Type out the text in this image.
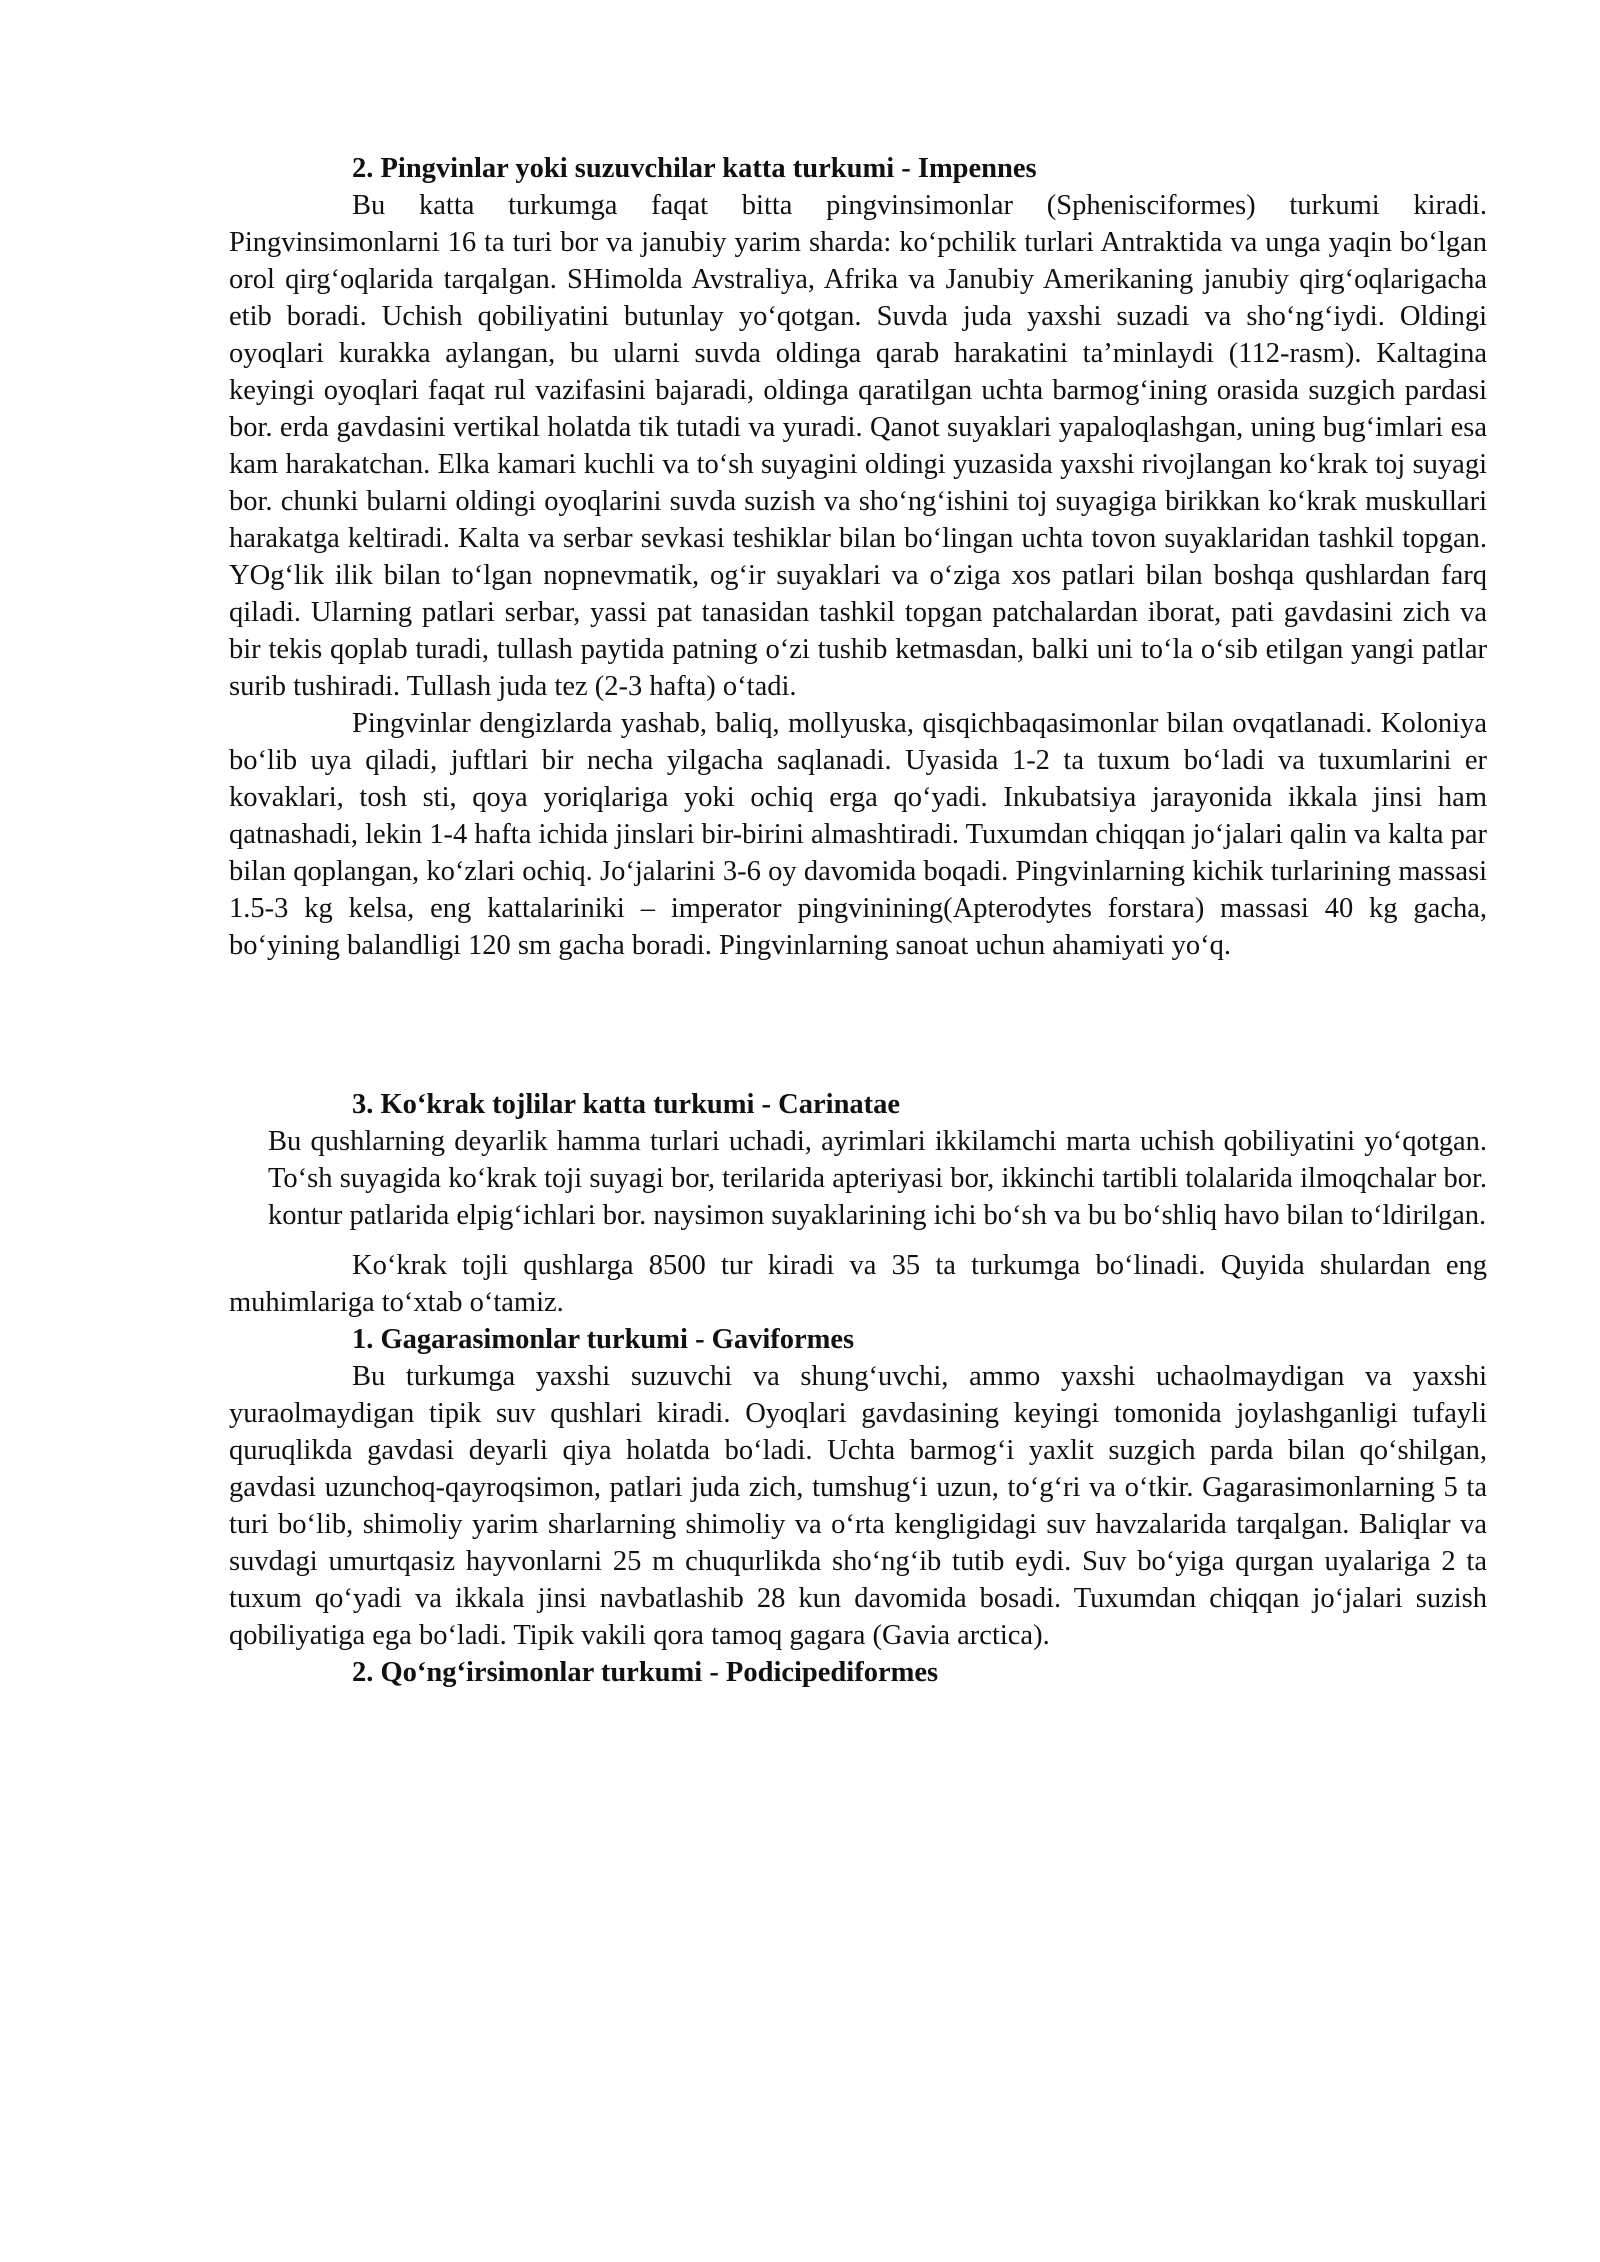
2. Pingvinlar yoki suzuvchilar katta turkumi - Impennes

Bu katta turkumga faqat bitta pingvinsimonlar (Sphenisciformes) turkumi kiradi. Pingvinsimonlarni 16 ta turi bor va janubiy yarim sharda: ko‘pchilik turlari Antraktida va unga yaqin bo‘lgan orol qirg‘oqlarida tarqalgan. SHimolda Avstraliya, Afrika va Janubiy Amerikaning janubiy qirg‘oqlarigacha etib boradi. Uchish qobiliyatini butunlay yo‘qotgan. Suvda juda yaxshi suzadi va sho‘ng‘iydi. Oldingi oyoqlari kurakka aylangan, bu ularni suvda oldinga qarab harakatini ta’minlaydi (112-rasm). Kaltagina keyingi oyoqlari faqat rul vazifasini bajaradi, oldinga qaratilgan uchta barmog‘ining orasida suzgich pardasi bor. erda gavdasini vertikal holatda tik tutadi va yuradi. Qanot suyaklari yapaloqlashgan, uning bug‘imlari esa kam harakatchan. Elka kamari kuchli va to‘sh suyagini oldingi yuzasida yaxshi rivojlangan ko‘krak toj suyagi bor. chunki bularni oldingi oyoqlarini suvda suzish va sho‘ng‘ishini toj suyagiga birikkan ko‘krak muskullari harakatga keltiradi. Kalta va serbar sevkasi teshiklar bilan bo‘lingan uchta tovon suyaklaridan tashkil topgan. YOg‘lik ilik bilan to‘lgan nopnevmatik, og‘ir suyaklari va o‘ziga xos patlari bilan boshqa qushlardan farq qiladi. Ularning patlari serbar, yassi pat tanasidan tashkil topgan patchalardan iborat, pati gavdasini zich va bir tekis qoplab turadi, tullash paytida patning o‘zi tushib ketmasdan, balki uni to‘la o‘sib etilgan yangi patlar surib tushiradi. Tullash juda tez (2-3 hafta) o‘tadi.

Pingvinlar dengizlarda yashab, baliq, mollyuska, qisqichbaqasimonlar bilan ovqatlanadi. Koloniya bo‘lib uya qiladi, juftlari bir necha yilgacha saqlanadi. Uyasida 1-2 ta tuxum bo‘ladi va tuxumlarini er kovaklari, tosh sti, qoya yoriqlariga yoki ochiq erga qo‘yadi. Inkubatsiya jarayonida ikkala jinsi ham qatnashadi, lekin 1-4 hafta ichida jinslari bir-birini almashtiradi. Tuxumdan chiqqan jo‘jalari qalin va kalta par bilan qoplangan, ko‘zlari ochiq. Jo‘jalarini 3-6 oy davomida boqadi. Pingvinlarning kichik turlarining massasi 1.5-3 kg kelsa, eng kattalariniki – imperator pingvinining(Apterodytes forstara) massasi 40 kg gacha, bo‘yining balandligi 120 sm gacha boradi. Pingvinlarning sanoat uchun ahamiyati yo‘q.

3. Ko‘krak tojlilar katta turkumi - Carinatae

Bu qushlarning deyarlik hamma turlari uchadi, ayrimlari ikkilamchi marta uchish qobiliyatini yo‘qotgan. To‘sh suyagida ko‘krak toji suyagi bor, terilarida apteriyasi bor, ikkinchi tartibli tolalarida ilmoqchalar bor. kontur patlarida elpig‘ichlari bor. naysimon suyaklarining ichi bo‘sh va bu bo‘shliq havo bilan to‘ldirilgan.

Ko‘krak tojli qushlarga 8500 tur kiradi va 35 ta turkumga bo‘linadi. Quyida shulardan eng muhimlariga to‘xtab o‘tamiz.

1. Gagarasimonlar turkumi - Gaviformes

Bu turkumga yaxshi suzuvchi va shung‘uvchi, ammo yaxshi uchaolmaydigan va yaxshi yuraolmaydigan tipik suv qushlari kiradi. Oyoqlari gavdasining keyingi tomonida joylashganligi tufayli quruqlikda gavdasi deyarli qiya holatda bo‘ladi. Uchta barmog‘i yaxlit suzgich parda bilan qo‘shilgan, gavdasi uzunchoq-qayroqsimon, patlari juda zich, tumshug‘i uzun, to‘g‘ri va o‘tkir. Gagarasimonlarning 5 ta turi bo‘lib, shimoliy yarim sharlarning shimoliy va o‘rta kengligidagi suv havzalarida tarqalgan. Baliqlar va suvdagi umurtqasiz hayvonlarni 25 m chuqurlikda sho‘ng‘ib tutib eydi. Suv bo‘yiga qurgan uyalariga 2 ta tuxum qo‘yadi va ikkala jinsi navbatlashib 28 kun davomida bosadi. Tuxumdan chiqqan jo‘jalari suzish qobiliyatiga ega bo‘ladi. Tipik vakili qora tamoq gagara (Gavia arctica).

2. Qo‘ng‘irsimonlar turkumi - Podicipediformes
